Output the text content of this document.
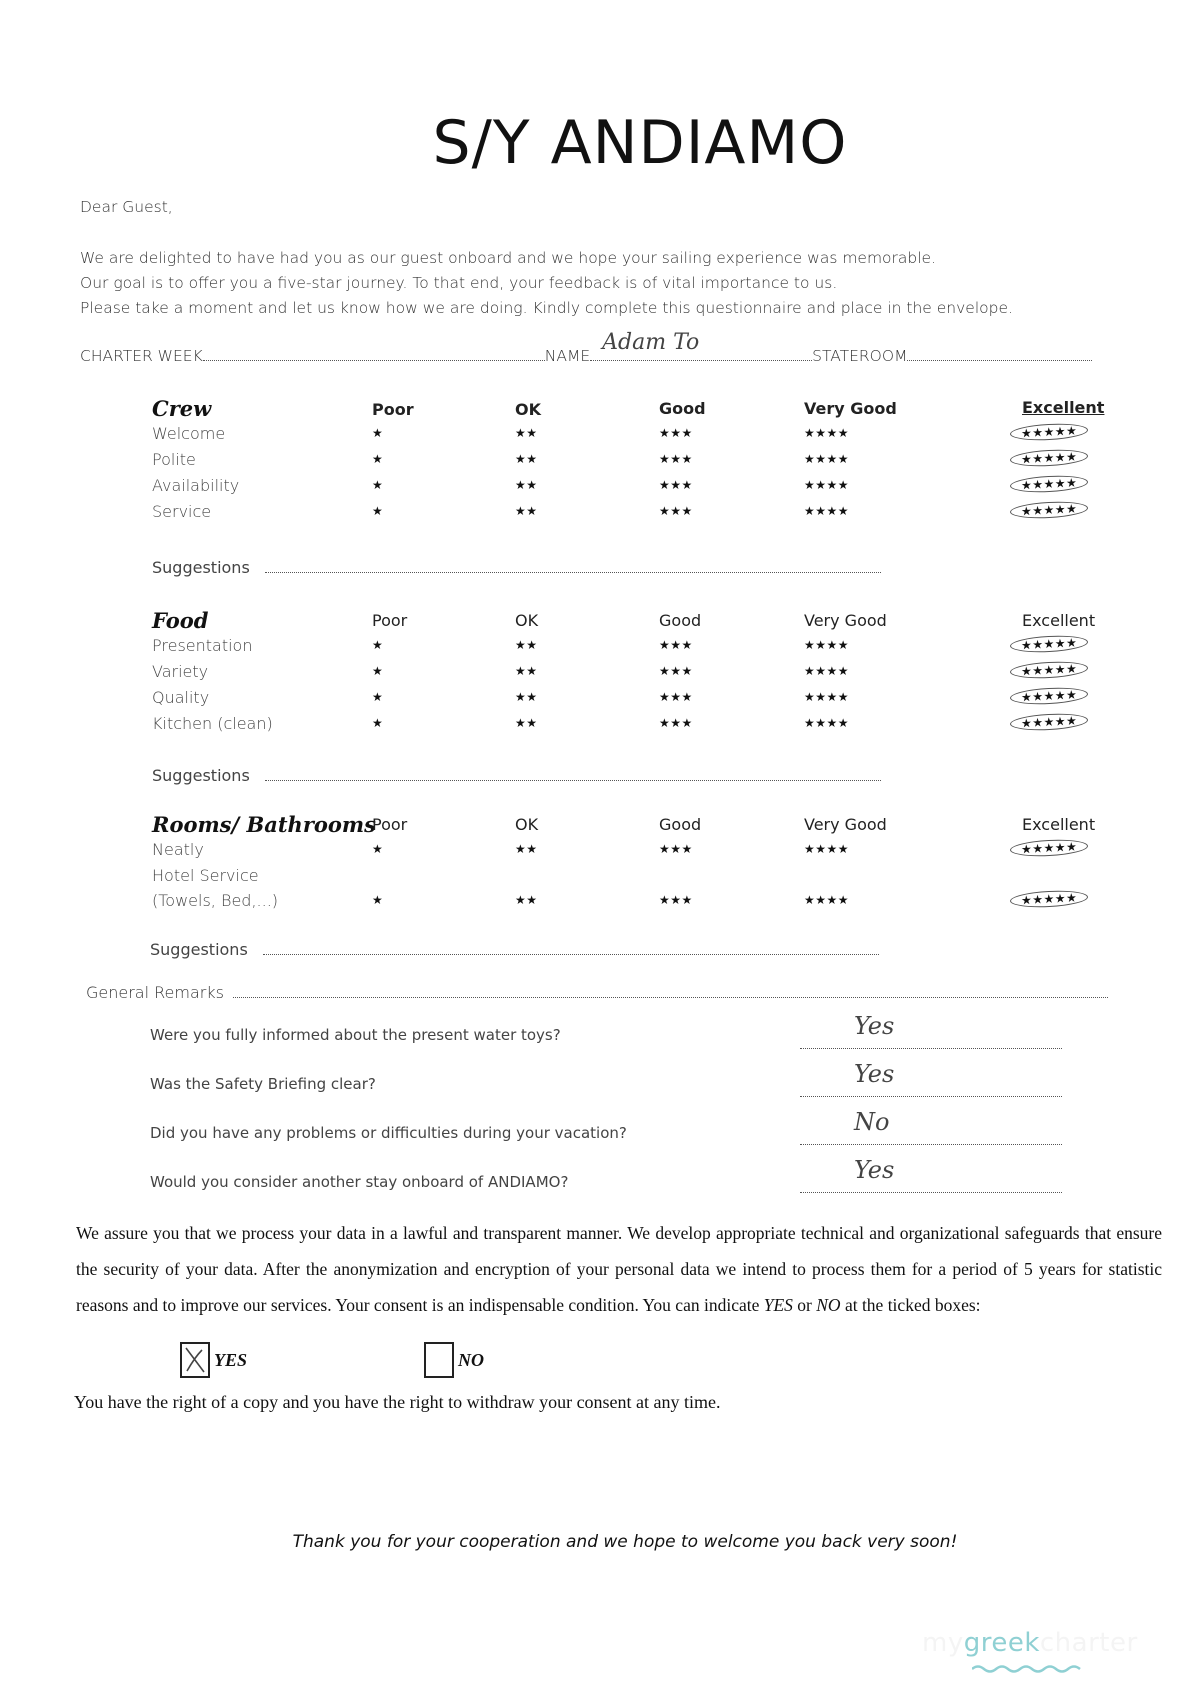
S/Y ANDIAMO
Dear Guest,
We are delighted to have had you as our guest onboard and we hope your sailing experience was memorable.
Our goal is to offer you a five-star journey. To that end, your feedback is of vital importance to us.
Please take a moment and let us know how we are doing. Kindly complete this questionnaire and place in the envelope.
CHARTER WEEK	NAME
Adam To
STATEROOM
Crew	Poor	OK	Good	Very Good	Excellent
Welcome	★	★★	★★★	★★★★	★★★★★
Polite	★	★★	★★★	★★★★	★★★★★
Availability	★	★★	★★★	★★★★	★★★★★
Service	★	★★	★★★	★★★★	★★★★★
Suggestions
Food	Poor	OK	Good	Very Good	Excellent
Presentation	★	★★	★★★	★★★★	★★★★★
Variety	★	★★	★★★	★★★★	★★★★★
Quality	★	★★	★★★	★★★★	★★★★★
Kitchen (clean)	★	★★	★★★	★★★★	★★★★★
Suggestions
Rooms/ Bathrooms
Poor	OK	Good	Very Good	Excellent
Neatly	★	★★	★★★	★★★★	★★★★★
Hotel Service
(Towels, Bed,...)	★	★★	★★★	★★★★	★★★★★
Suggestions
General Remarks
Were you fully informed about the present water toys?	Yes
Was the Safety Briefing clear?	Yes
Did you have any problems or difficulties during your vacation?	No
Would you consider another stay onboard of ANDIAMO?	Yes
We assure you that we process your data in a lawful and transparent manner. We develop appropriate technical and organizational safeguards that ensure the security of your data. After the anonymization and encryption of your personal data we intend to process them for a period of 5 years for statistic reasons and to improve our services. Your consent is an indispensable condition. You can indicate YES or NO at the ticked boxes:
YES	NO
You have the right of a copy and you have the right to withdraw your consent at any time.
Thank you for your cooperation and we hope to welcome you back very soon!
mygreekcharter
